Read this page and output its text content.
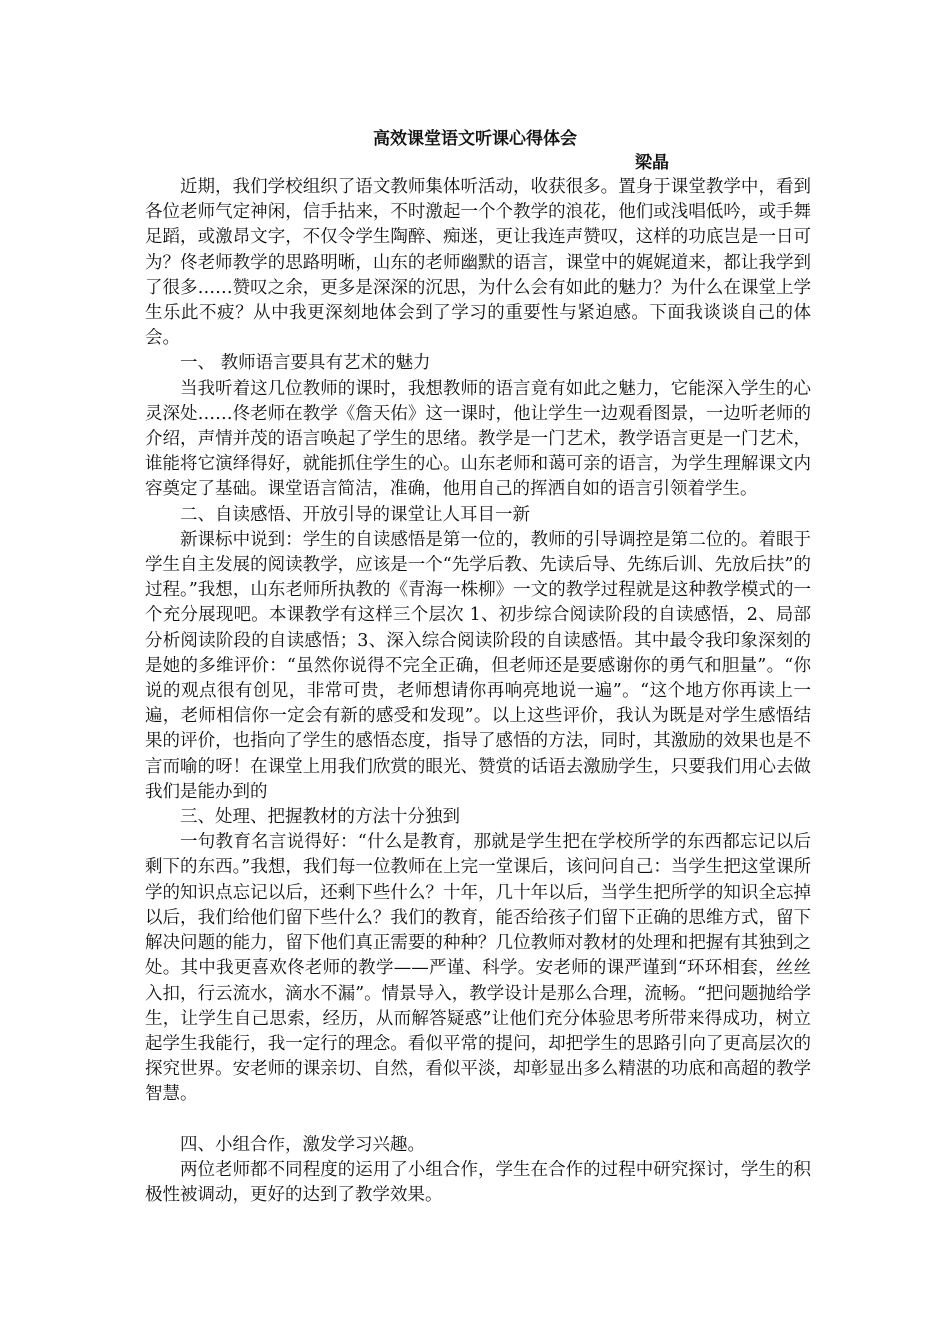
高效课堂语文听课心得体会
梁晶

近期，我们学校组织了语文教师集体听活动，收获很多。置身于课堂教学中，看到各位老师气定神闲，信手拈来，不时激起一个个教学的浪花，他们或浅唱低吟，或手舞足蹈，或激昂文字，不仅令学生陶醉、痴迷，更让我连声赞叹，这样的功底岂是一日可为？佟老师教学的思路明晰，山东的老师幽默的语言，课堂中的娓娓道来，都让我学到了很多……赞叹之余，更多是深深的沉思，为什么会有如此的魅力？为什么在课堂上学生乐此不疲？从中我更深刻地体会到了学习的重要性与紧迫感。下面我谈谈自己的体会。

一、 教师语言要具有艺术的魅力

当我听着这几位教师的课时，我想教师的语言竟有如此之魅力，它能深入学生的心灵深处……佟老师在教学《詹天佑》这一课时，他让学生一边观看图景，一边听老师的介绍，声情并茂的语言唤起了学生的思绪。教学是一门艺术，教学语言更是一门艺术，谁能将它演绎得好，就能抓住学生的心。山东老师和蔼可亲的语言，为学生理解课文内容奠定了基础。课堂语言简洁，准确，他用自己的挥洒自如的语言引领着学生。

二、自读感悟、开放引导的课堂让人耳目一新

新课标中说到：学生的自读感悟是第一位的，教师的引导调控是第二位的。着眼于学生自主发展的阅读教学，应该是一个“先学后教、先读后导、先练后训、先放后扶”的过程。”我想，山东老师所执教的《青海一株柳》一文的教学过程就是这种教学模式的一个充分展现吧。本课教学有这样三个层次 1、初步综合阅读阶段的自读感悟，2、局部分析阅读阶段的自读感悟；3、深入综合阅读阶段的自读感悟。其中最令我印象深刻的是她的多维评价：“虽然你说得不完全正确，但老师还是要感谢你的勇气和胆量”。“你说的观点很有创见，非常可贵，老师想请你再响亮地说一遍”。“这个地方你再读上一遍，老师相信你一定会有新的感受和发现”。以上这些评价，我认为既是对学生感悟结果的评价，也指向了学生的感悟态度，指导了感悟的方法，同时，其激励的效果也是不言而喻的呀！在课堂上用我们欣赏的眼光、赞赏的话语去激励学生，只要我们用心去做我们是能办到的

三、处理、把握教材的方法十分独到

一句教育名言说得好：“什么是教育，那就是学生把在学校所学的东西都忘记以后剩下的东西。”我想，我们每一位教师在上完一堂课后，该问问自己：当学生把这堂课所学的知识点忘记以后，还剩下些什么？十年，几十年以后，当学生把所学的知识全忘掉以后，我们给他们留下些什么？我们的教育，能否给孩子们留下正确的思维方式，留下解决问题的能力，留下他们真正需要的种种？几位教师对教材的处理和把握有其独到之处。其中我更喜欢佟老师的教学——严谨、科学。安老师的课严谨到“环环相套，丝丝入扣，行云流水，滴水不漏”。情景导入，教学设计是那么合理，流畅。“把问题抛给学生，让学生自己思索，经历，从而解答疑惑”让他们充分体验思考所带来得成功，树立起学生我能行，我一定行的理念。看似平常的提问，却把学生的思路引向了更高层次的探究世界。安老师的课亲切、自然，看似平淡，却彰显出多么精湛的功底和高超的教学智慧。

四、小组合作，激发学习兴趣。

两位老师都不同程度的运用了小组合作，学生在合作的过程中研究探讨，学生的积极性被调动，更好的达到了教学效果。
